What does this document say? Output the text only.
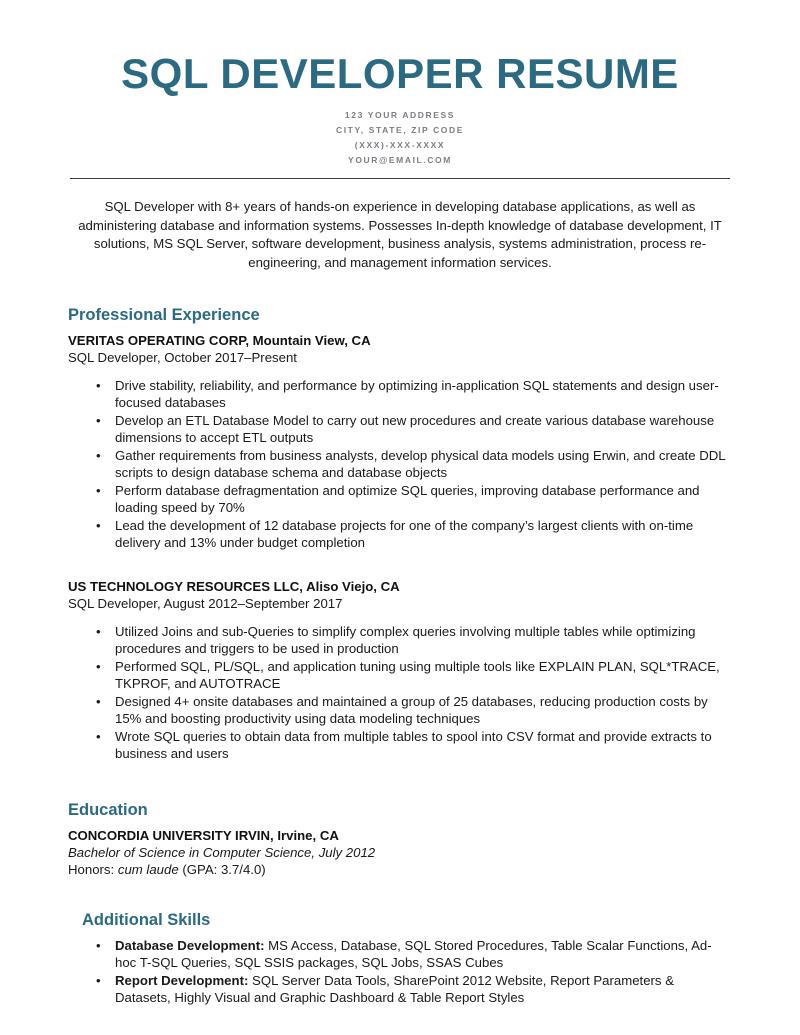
SQL DEVELOPER RESUME
123 YOUR ADDRESS
CITY, STATE, ZIP CODE
(XXX)-XXX-XXXX
YOUR@EMAIL.COM

SQL Developer with 8+ years of hands-on experience in developing database applications, as well as administering database and information systems. Possesses In-depth knowledge of database development, IT solutions, MS SQL Server, software development, business analysis, systems administration, process re-engineering, and management information services.

Professional Experience
VERITAS OPERATING CORP, Mountain View, CA
SQL Developer, October 2017–Present
• Drive stability, reliability, and performance by optimizing in-application SQL statements and design user-focused databases
• Develop an ETL Database Model to carry out new procedures and create various database warehouse dimensions to accept ETL outputs
• Gather requirements from business analysts, develop physical data models using Erwin, and create DDL scripts to design database schema and database objects
• Perform database defragmentation and optimize SQL queries, improving database performance and loading speed by 70%
• Lead the development of 12 database projects for one of the company’s largest clients with on-time delivery and 13% under budget completion
US TECHNOLOGY RESOURCES LLC, Aliso Viejo, CA
SQL Developer, August 2012–September 2017
• Utilized Joins and sub-Queries to simplify complex queries involving multiple tables while optimizing procedures and triggers to be used in production
• Performed SQL, PL/SQL, and application tuning using multiple tools like EXPLAIN PLAN, SQL*TRACE, TKPROF, and AUTOTRACE
• Designed 4+ onsite databases and maintained a group of 25 databases, reducing production costs by 15% and boosting productivity using data modeling techniques
• Wrote SQL queries to obtain data from multiple tables to spool into CSV format and provide extracts to business and users
Education
CONCORDIA UNIVERSITY IRVIN, Irvine, CA
Bachelor of Science in Computer Science, July 2012
Honors: cum laude (GPA: 3.7/4.0)
Additional Skills
• Database Development: MS Access, Database, SQL Stored Procedures, Table Scalar Functions, Ad-hoc T-SQL Queries, SQL SSIS packages, SQL Jobs, SSAS Cubes
• Report Development: SQL Server Data Tools, SharePoint 2012 Website, Report Parameters & Datasets, Highly Visual and Graphic Dashboard & Table Report Styles
